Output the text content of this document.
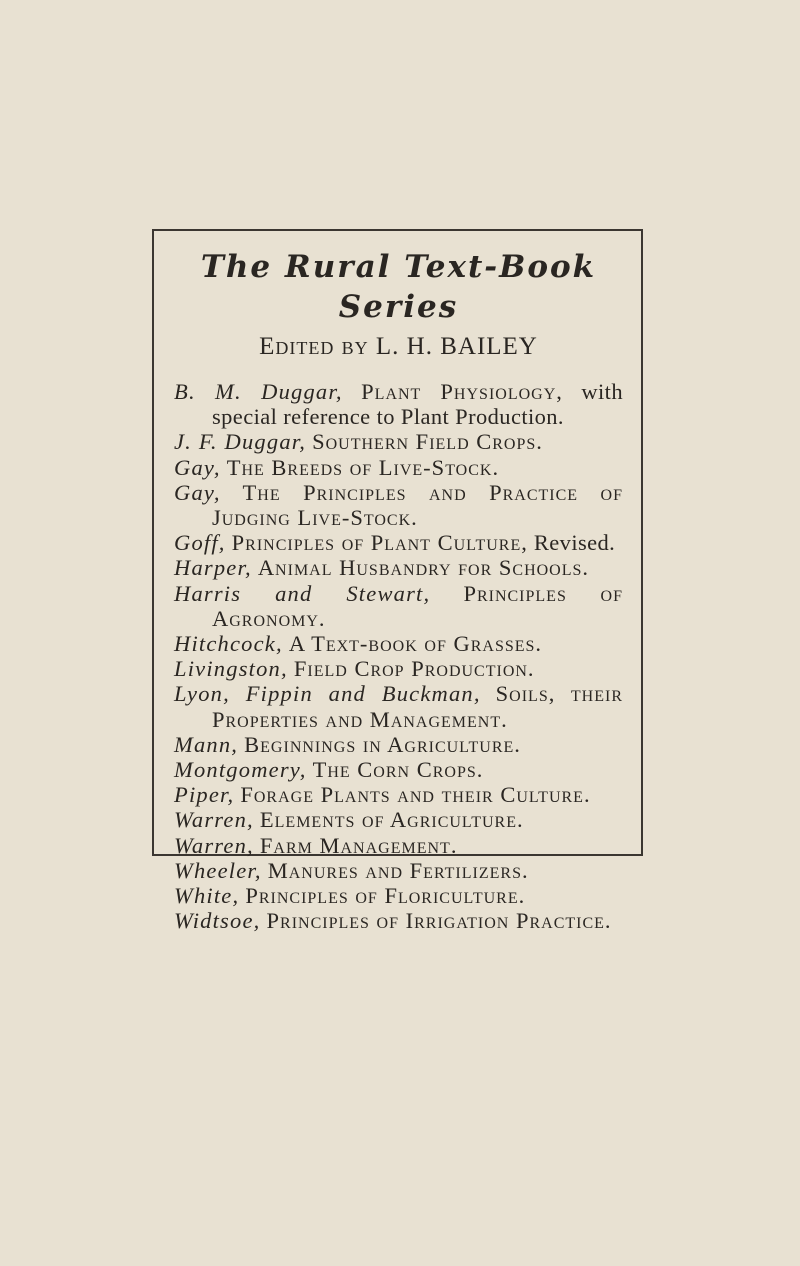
The Rural Text-Book Series
Edited by L. H. BAILEY
B. M. Duggar, Plant Physiology, with special reference to Plant Production.
J. F. Duggar, Southern Field Crops.
Gay, The Breeds of Live-Stock.
Gay, The Principles and Practice of Judging Live-Stock.
Goff, Principles of Plant Culture, Revised.
Harper, Animal Husbandry for Schools.
Harris and Stewart, Principles of Agronomy.
Hitchcock, A Text-book of Grasses.
Livingston, Field Crop Production.
Lyon, Fippin and Buckman, Soils, their Properties and Management.
Mann, Beginnings in Agriculture.
Montgomery, The Corn Crops.
Piper, Forage Plants and their Culture.
Warren, Elements of Agriculture.
Warren, Farm Management.
Wheeler, Manures and Fertilizers.
White, Principles of Floriculture.
Widtsoe, Principles of Irrigation Practice.
